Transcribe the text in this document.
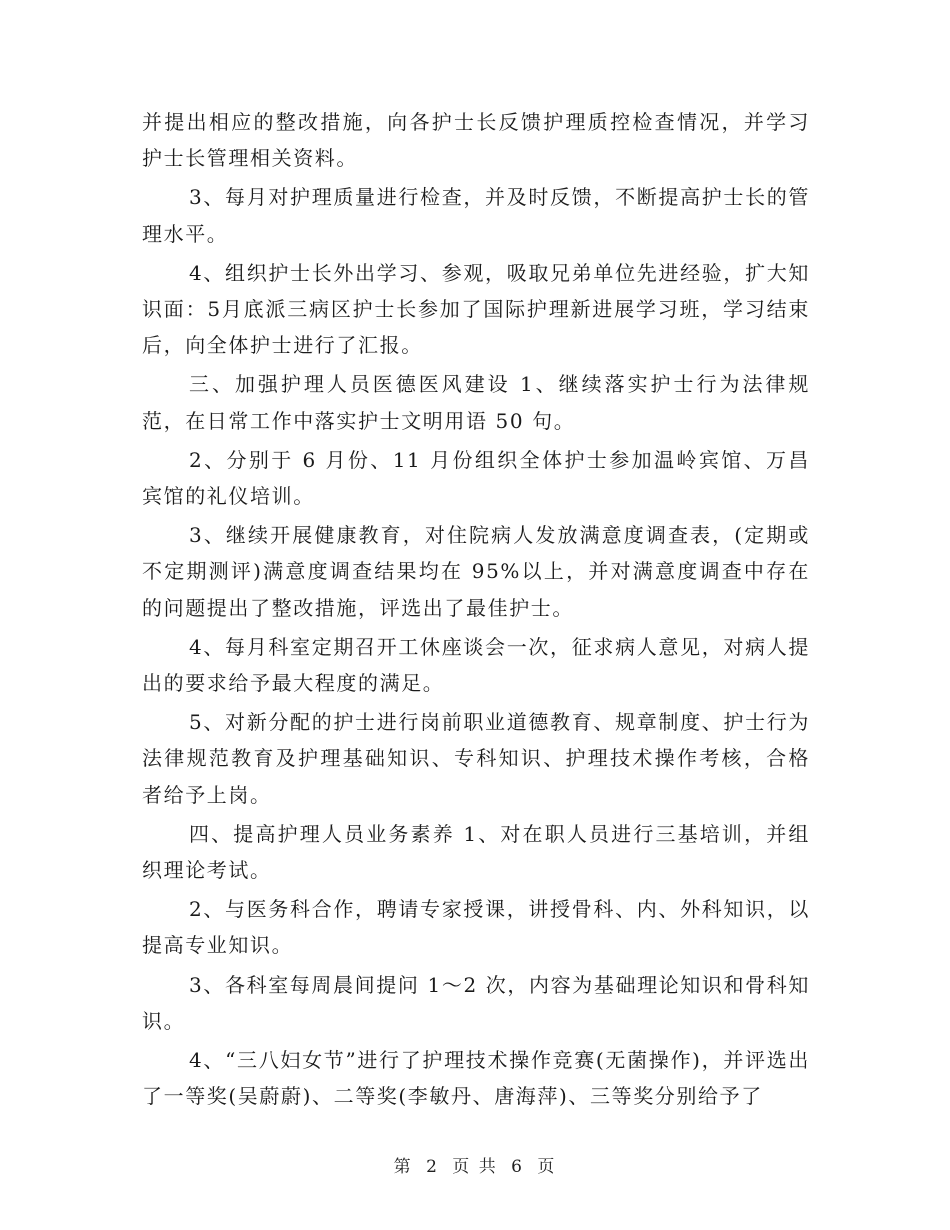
并提出相应的整改措施，向各护士长反馈护理质控检查情况，并学习护士长管理相关资料。

3、每月对护理质量进行检查，并及时反馈，不断提高护士长的管理水平。

4、组织护士长外出学习、参观，吸取兄弟单位先进经验，扩大知识面：5月底派三病区护士长参加了国际护理新进展学习班，学习结束后，向全体护士进行了汇报。

三、加强护理人员医德医风建设 1、继续落实护士行为法律规范，在日常工作中落实护士文明用语 50 句。

2、分别于 6 月份、11 月份组织全体护士参加温岭宾馆、万昌宾馆的礼仪培训。

3、继续开展健康教育，对住院病人发放满意度调查表，(定期或不定期测评)满意度调查结果均在 95%以上，并对满意度调查中存在的问题提出了整改措施，评选出了最佳护士。

4、每月科室定期召开工休座谈会一次，征求病人意见，对病人提出的要求给予最大程度的满足。

5、对新分配的护士进行岗前职业道德教育、规章制度、护士行为法律规范教育及护理基础知识、专科知识、护理技术操作考核，合格者给予上岗。

四、提高护理人员业务素养 1、对在职人员进行三基培训，并组织理论考试。

2、与医务科合作，聘请专家授课，讲授骨科、内、外科知识，以提高专业知识。

3、各科室每周晨间提问 1～2 次，内容为基础理论知识和骨科知识。

4、“三八妇女节”进行了护理技术操作竞赛(无菌操作)，并评选出了一等奖(吴蔚蔚)、二等奖(李敏丹、唐海萍)、三等奖分别给予了

第 2 页 共 6 页
